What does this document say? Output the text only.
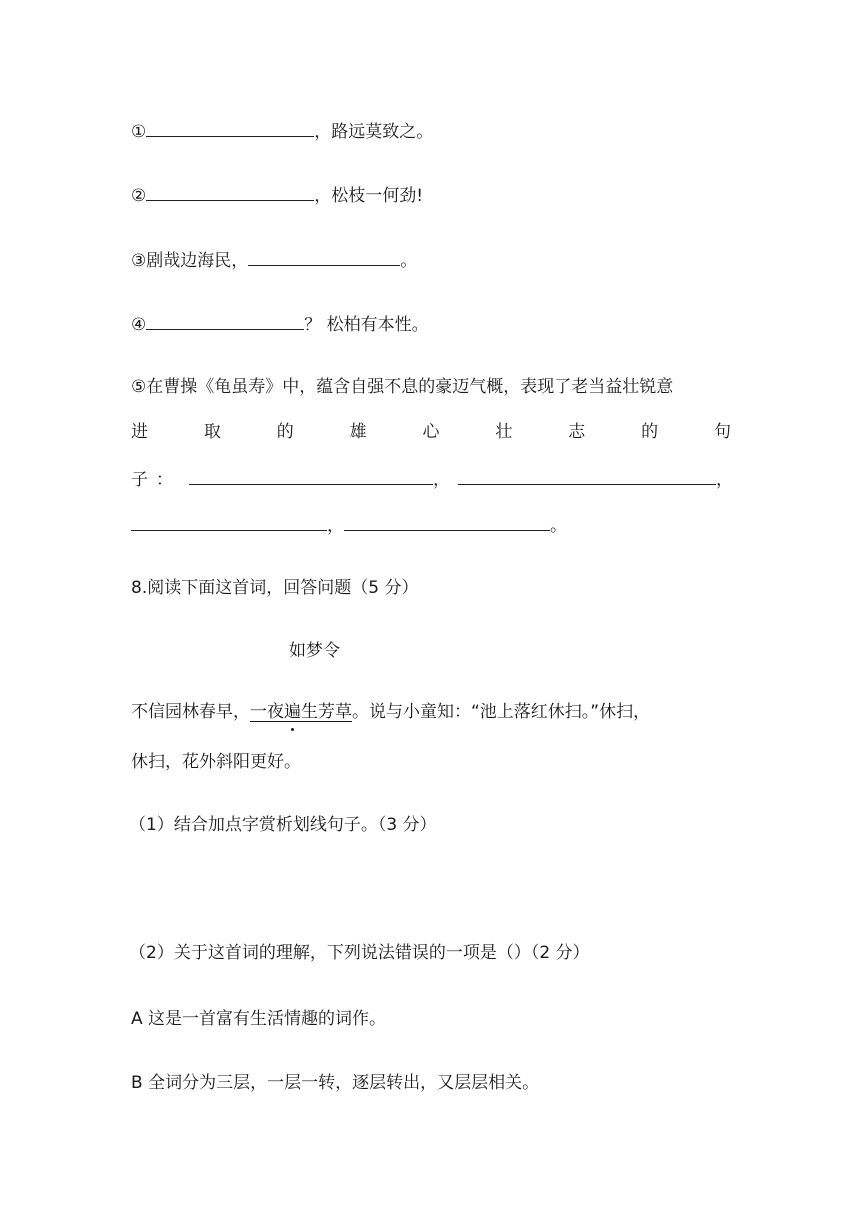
①	，路远莫致之。
②	，松枝一何劲!
③剧哉边海民，	。
④	？ 松柏有本性。
⑤在曹操《龟虽寿》中，蕴含自强不息的豪迈气概，表现了老当益壮锐意
进	取	的	雄	心	壮	志	的	句
子：	，	，
，	。
8.阅读下面这首词，回答问题（5 分）
如梦令
不信园林春早，一夜遍生芳草。说与小童知：“池上落红休扫。”休扫，
休扫，花外斜阳更好。
（1）结合加点字赏析划线句子。（3 分）
（2）关于这首词的理解，下列说法错误的一项是（）（2 分）
A 这是一首富有生活情趣的词作。
B 全词分为三层，一层一转，逐层转出，又层层相关。
